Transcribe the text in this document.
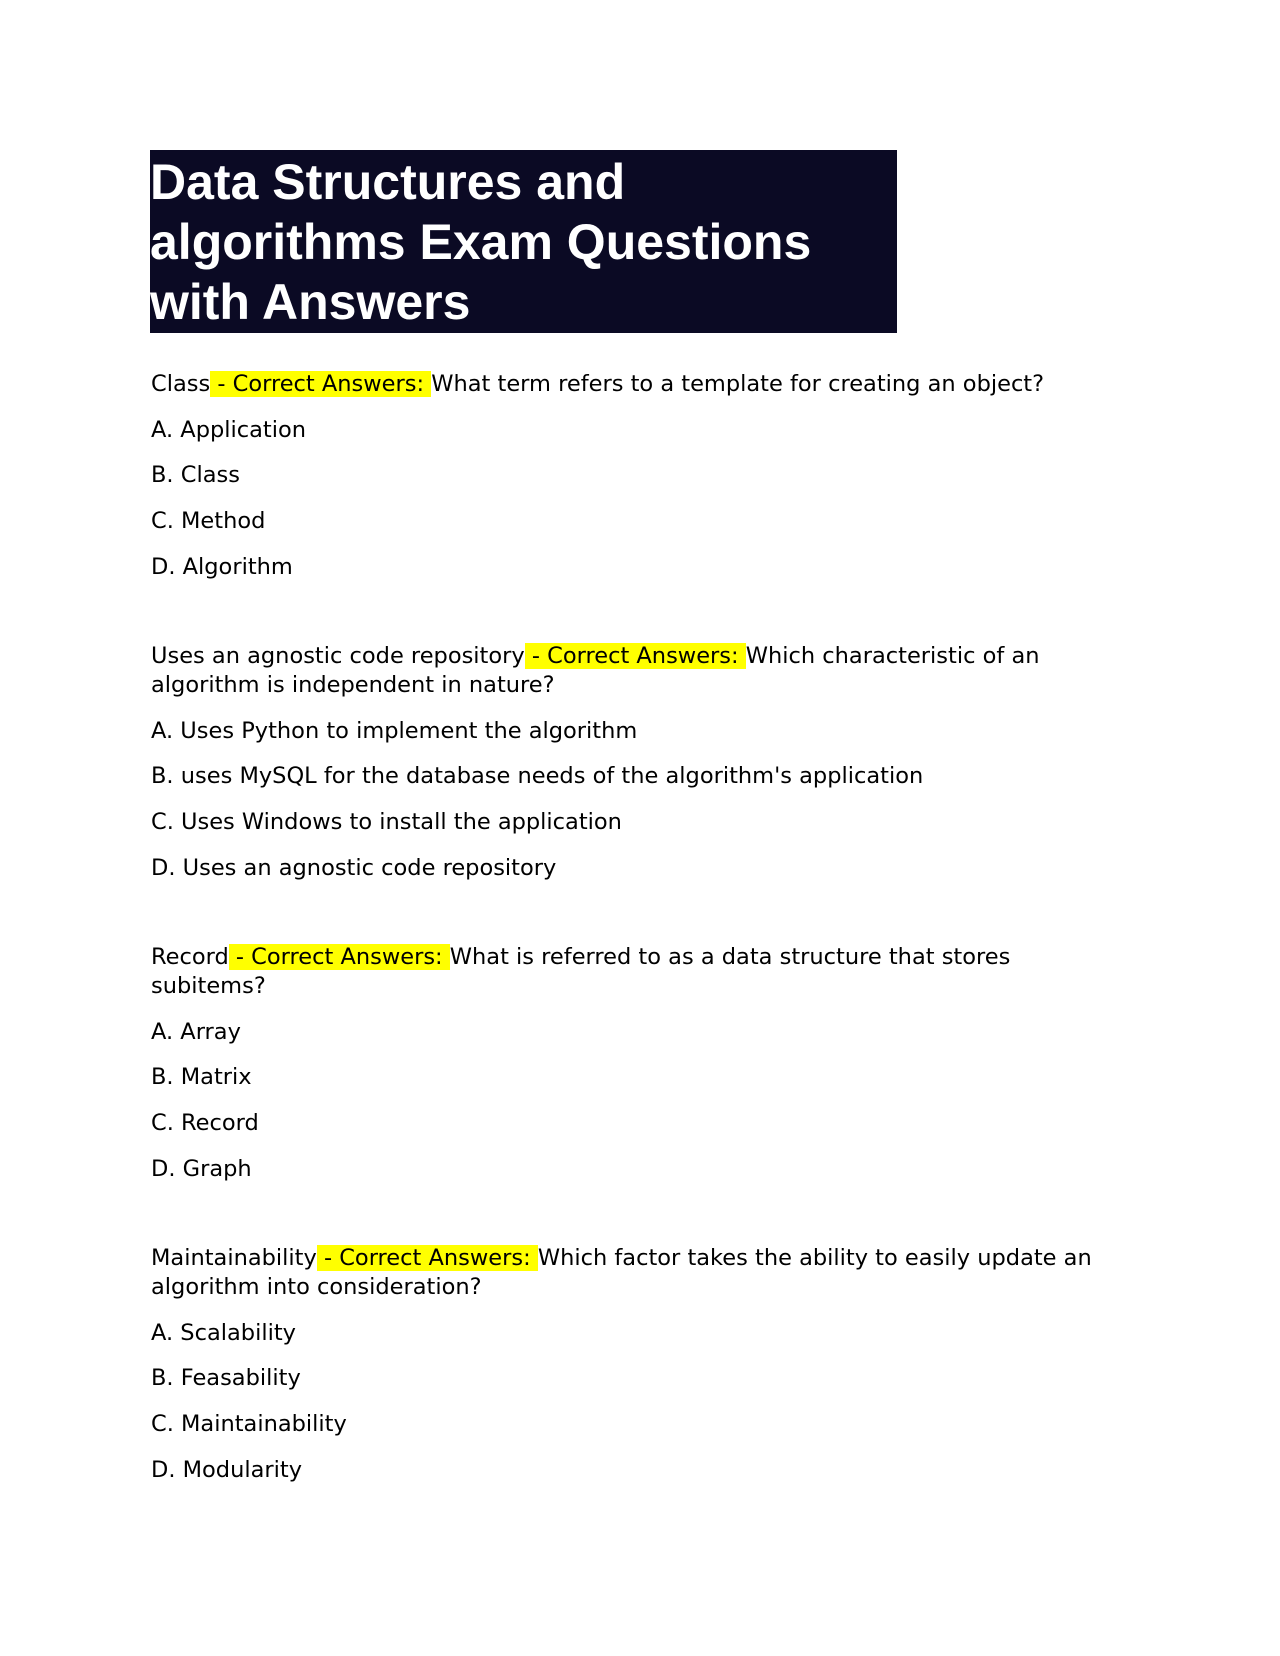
Data Structures and
algorithms Exam Questions
with Answers

Class - Correct Answers: What term refers to a template for creating an object?

A. Application
B. Class
C. Method
D. Algorithm

Uses an agnostic code repository - Correct Answers: Which characteristic of an algorithm is independent in nature?

A. Uses Python to implement the algorithm
B. uses MySQL for the database needs of the algorithm's application
C. Uses Windows to install the application
D. Uses an agnostic code repository

Record - Correct Answers: What is referred to as a data structure that stores subitems?

A. Array
B. Matrix
C. Record
D. Graph

Maintainability - Correct Answers: Which factor takes the ability to easily update an algorithm into consideration?

A. Scalability
B. Feasability
C. Maintainability
D. Modularity
